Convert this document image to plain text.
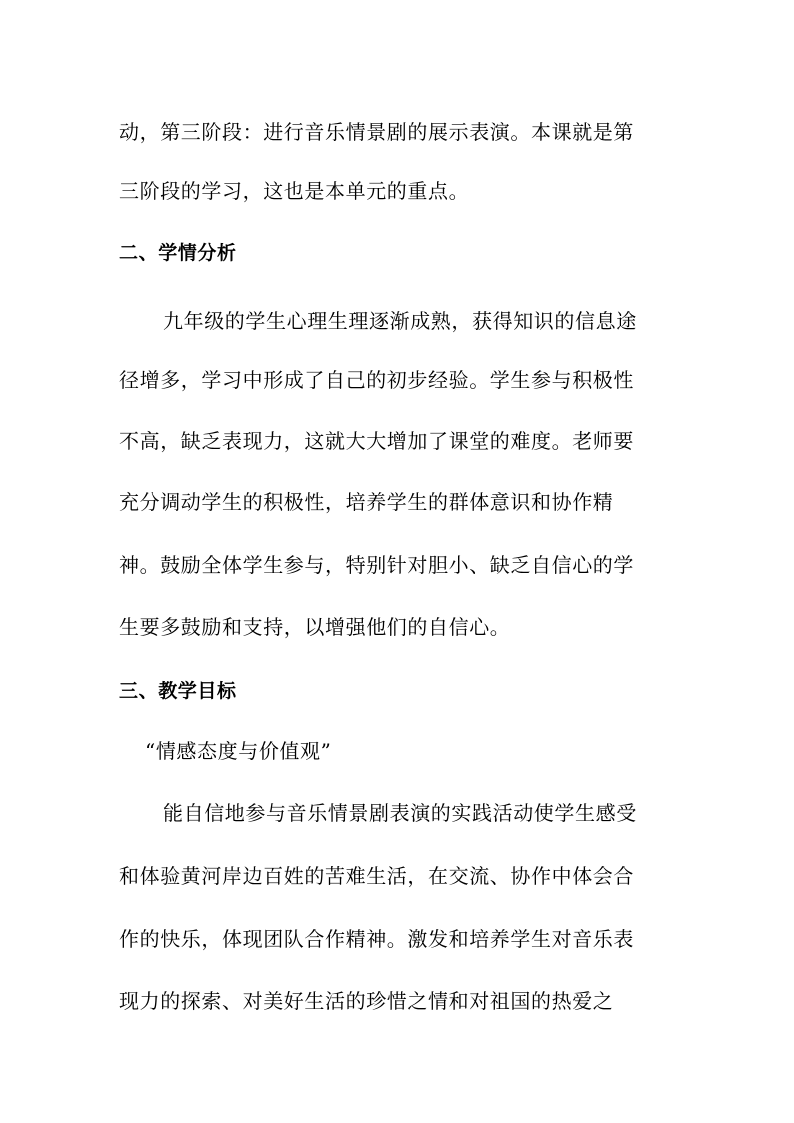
动，第三阶段：进行音乐情景剧的展示表演。本课就是第
三阶段的学习，这也是本单元的重点。
二、学情分析
九年级的学生心理生理逐渐成熟，获得知识的信息途
径增多，学习中形成了自己的初步经验。学生参与积极性
不高，缺乏表现力，这就大大增加了课堂的难度。老师要
充分调动学生的积极性，培养学生的群体意识和协作精
神。鼓励全体学生参与，特别针对胆小、缺乏自信心的学
生要多鼓励和支持，以增强他们的自信心。
三、教学目标
“情感态度与价值观”
能自信地参与音乐情景剧表演的实践活动使学生感受
和体验黄河岸边百姓的苦难生活，在交流、协作中体会合
作的快乐，体现团队合作精神。激发和培养学生对音乐表
现力的探索、对美好生活的珍惜之情和对祖国的热爱之
